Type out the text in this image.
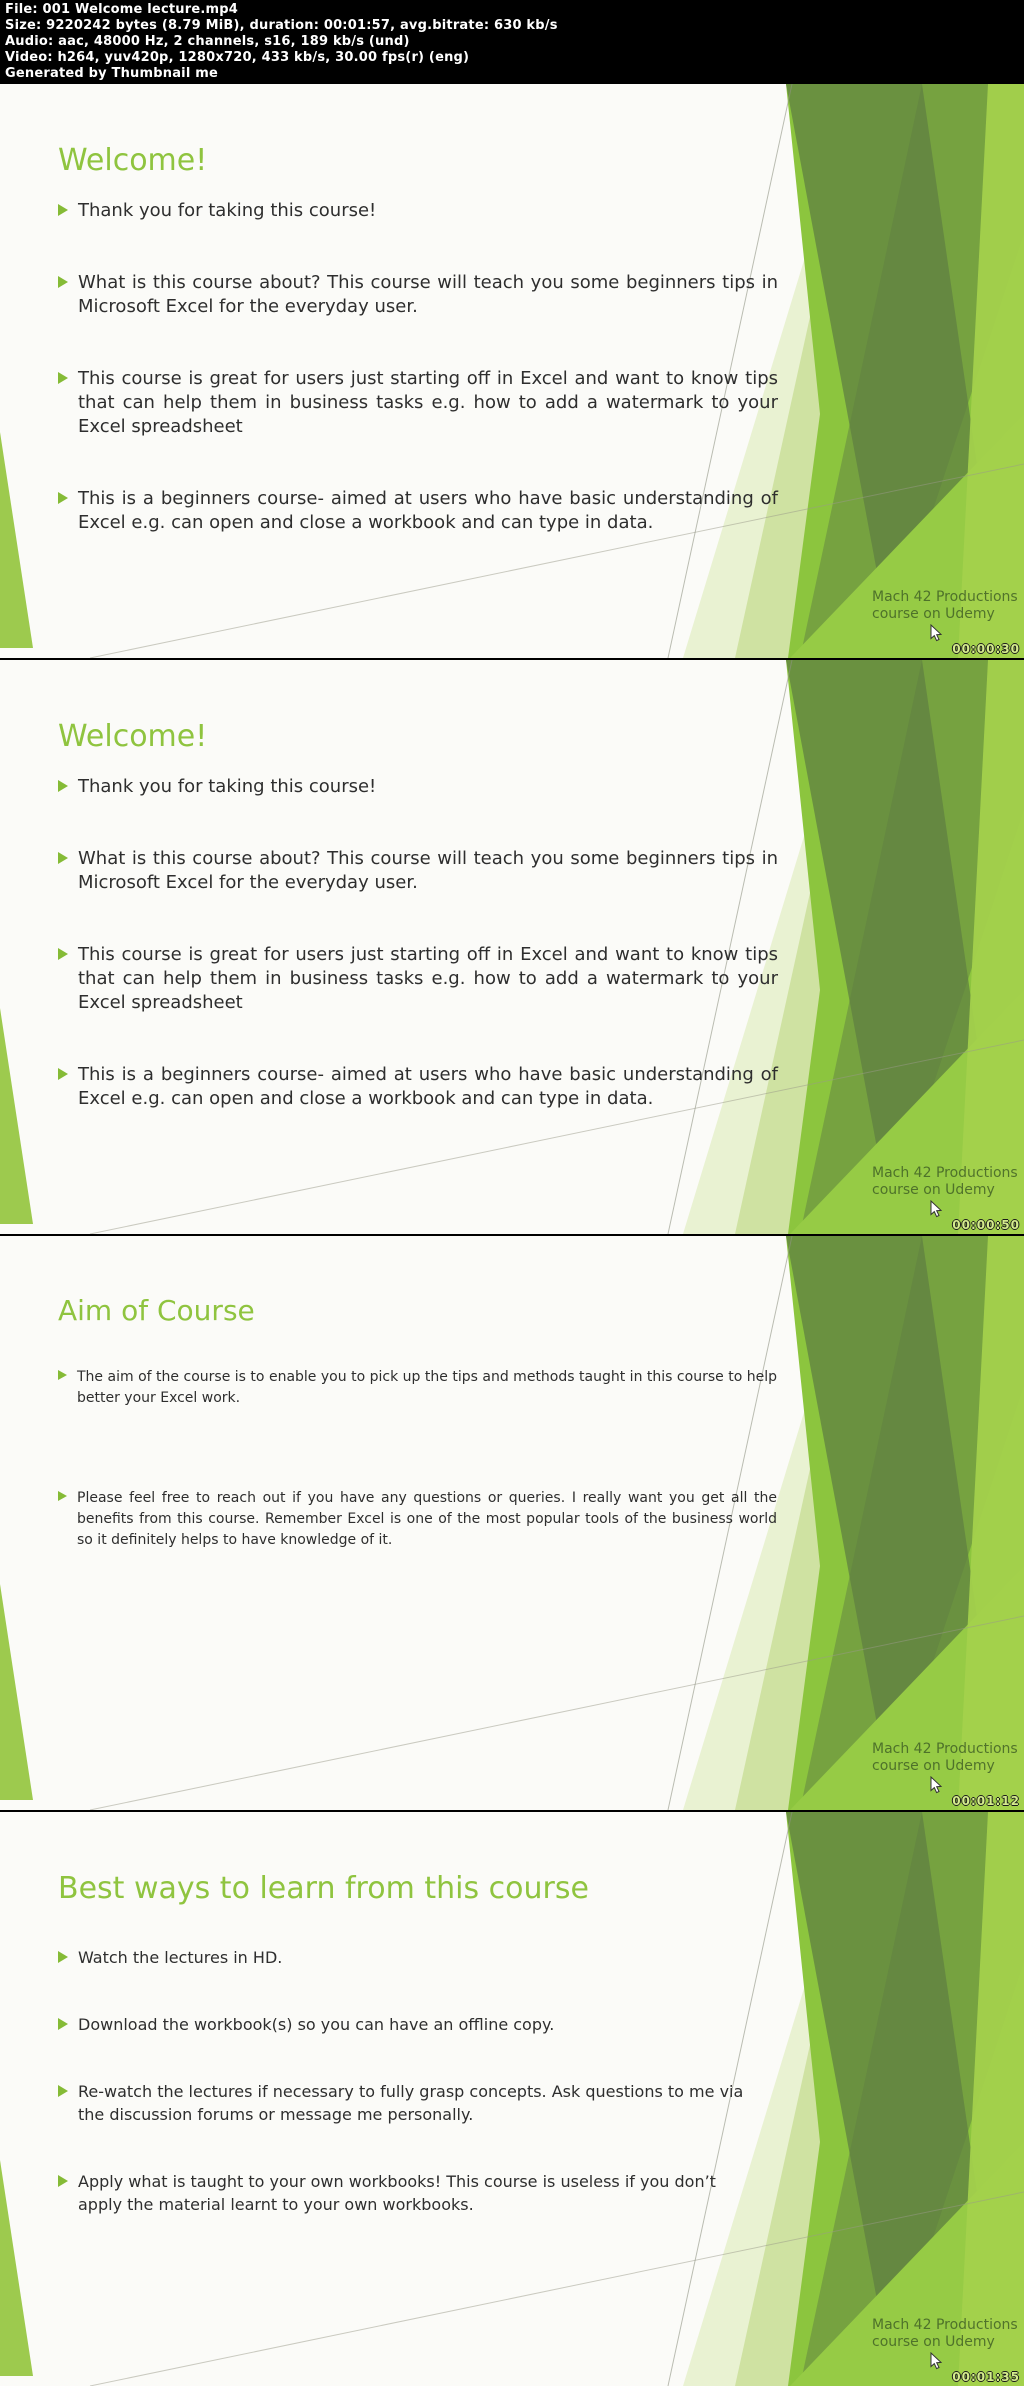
File: 001 Welcome lecture.mp4
Size: 9220242 bytes (8.79 MiB), duration: 00:01:57, avg.bitrate: 630 kb/s
Audio: aac, 48000 Hz, 2 channels, s16, 189 kb/s (und)
Video: h264, yuv420p, 1280x720, 433 kb/s, 30.00 fps(r) (eng)
Generated by Thumbnail me
Welcome!
Thank you for taking this course!
What is this course about? This course will teach you some beginners tips in Microsoft Excel for the everyday user.
This course is great for users just starting off in Excel and want to know tips that can help them in business tasks e.g. how to add a watermark to your Excel spreadsheet
This is a beginners course- aimed at users who have basic understanding of Excel e.g. can open and close a workbook and can type in data.
Mach 42 Productions
course on Udemy
00:00:30
Welcome!
Thank you for taking this course!
What is this course about? This course will teach you some beginners tips in Microsoft Excel for the everyday user.
This course is great for users just starting off in Excel and want to know tips that can help them in business tasks e.g. how to add a watermark to your Excel spreadsheet
This is a beginners course- aimed at users who have basic understanding of Excel e.g. can open and close a workbook and can type in data.
Mach 42 Productions
course on Udemy
00:00:50
Aim of Course
The aim of the course is to enable you to pick up the tips and methods taught in this course to help better your Excel work.
Please feel free to reach out if you have any questions or queries. I really want you get all the benefits from this course. Remember Excel is one of the most popular tools of the business world so it definitely helps to have knowledge of it.
Mach 42 Productions
course on Udemy
00:01:12
Best ways to learn from this course
Watch the lectures in HD.
Download the workbook(s) so you can have an offline copy.
Re-watch the lectures if necessary to fully grasp concepts. Ask questions to me via the discussion forums or message me personally.
Apply what is taught to your own workbooks! This course is useless if you don’t apply the material learnt to your own workbooks.
Mach 42 Productions
course on Udemy
00:01:35
